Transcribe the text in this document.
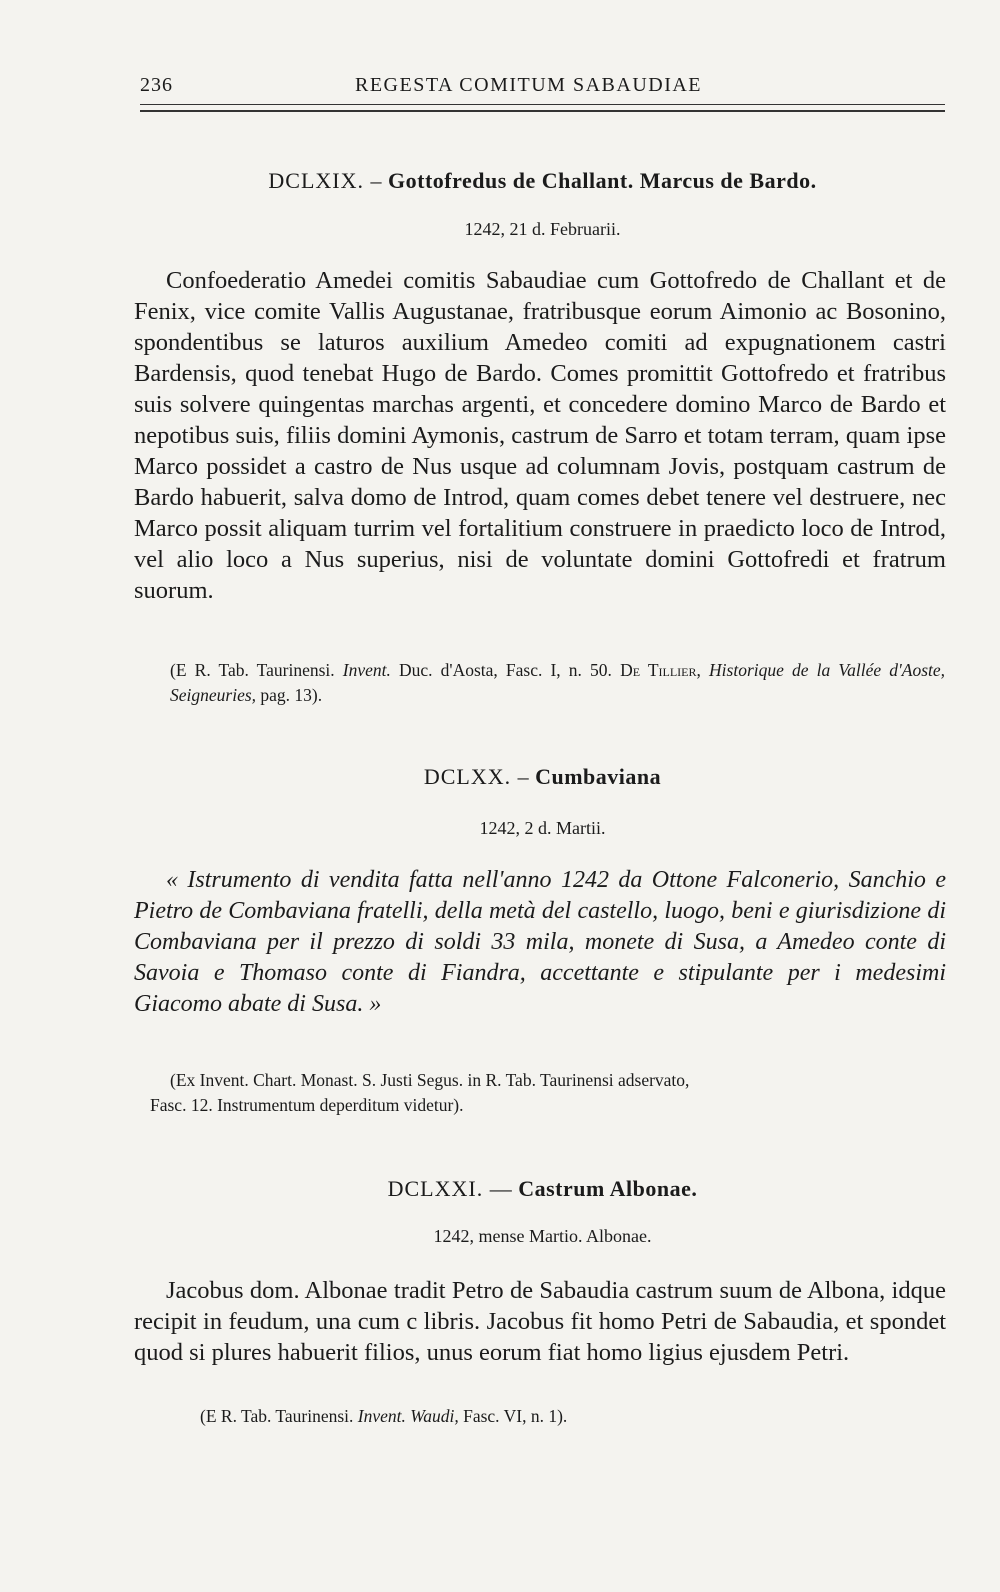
236	REGESTA COMITUM SABAUDIAE
DCLXIX. – Gottofredus de Challant. Marcus de Bardo.
1242, 21 d. Februarii.
Confoederatio Amedei comitis Sabaudiae cum Gottofredo de Challant et de Fenix, vice comite Vallis Augustanae, fratribusque eorum Aimonio ac Bosonino, spondentibus se laturos auxilium Amedeo comiti ad expugnationem castri Bardensis, quod tenebat Hugo de Bardo. Comes promittit Gottofredo et fratribus suis solvere quingentas marchas argenti, et concedere domino Marco de Bardo et nepotibus suis, filiis domini Aymonis, castrum de Sarro et totam terram, quam ipse Marco possidet a castro de Nus usque ad columnam Jovis, postquam castrum de Bardo habuerit, salva domo de Introd, quam comes debet tenere vel destruere, nec Marco possit aliquam turrim vel fortalitium construere in praedicto loco de Introd, vel alio loco a Nus superius, nisi de voluntate domini Gottofredi et fratrum suorum.
(E R. Tab. Taurinensi. Invent. Duc. d'Aosta, Fasc. I, n. 50. De Tillier, Historique de la Vallée d'Aoste, Seigneuries, pag. 13).
DCLXX. – Cumbaviana
1242, 2 d. Martii.
« Istrumento di vendita fatta nell'anno 1242 da Ottone Falconerio, Sanchio e Pietro de Combaviana fratelli, della metà del castello, luogo, beni e giurisdizione di Combaviana per il prezzo di soldi 33 mila, monete di Susa, a Amedeo conte di Savoia e Thomaso conte di Fiandra, accettante e stipulante per i medesimi Giacomo abate di Susa. »
(Ex Invent. Chart. Monast. S. Justi Segus. in R. Tab. Taurinensi adservato,
Fasc. 12. Instrumentum deperditum videtur).
DCLXXI. — Castrum Albonae.
1242, mense Martio. Albonae.
Jacobus dom. Albonae tradit Petro de Sabaudia castrum suum de Albona, idque recipit in feudum, una cum c libris. Jacobus fit homo Petri de Sabaudia, et spondet quod si plures habuerit filios, unus eorum fiat homo ligius ejusdem Petri.
(E R. Tab. Taurinensi. Invent. Waudi, Fasc. VI, n. 1).
